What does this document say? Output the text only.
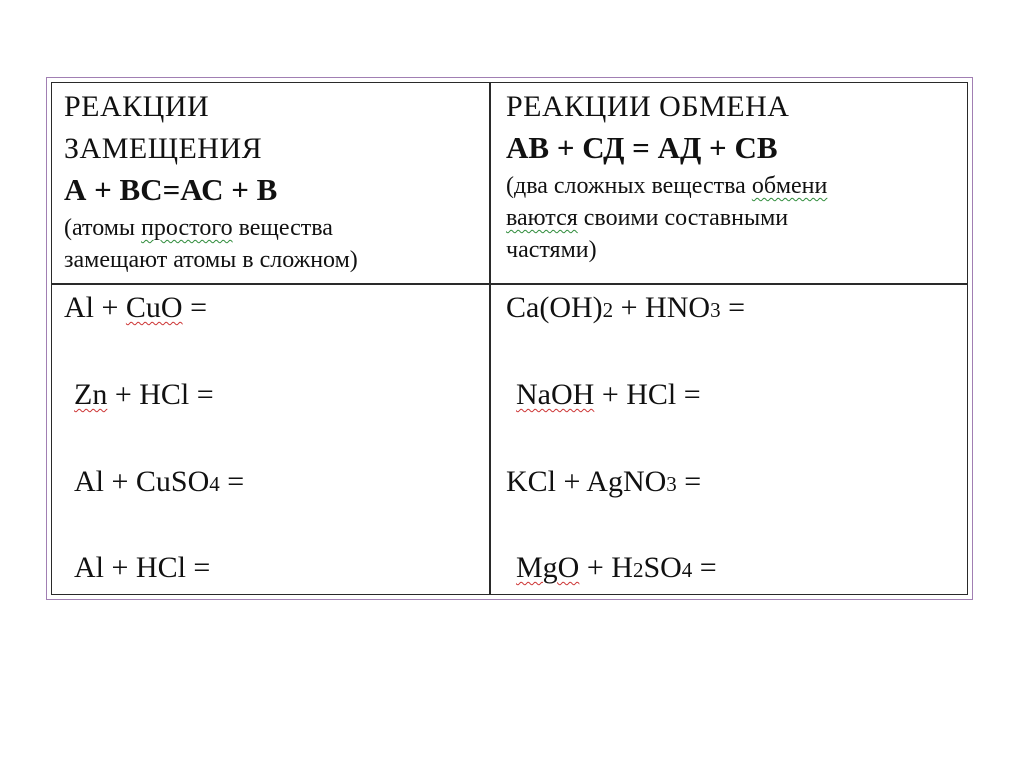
РЕАКЦИИ
ЗАМЕЩЕНИЯ
А + ВС=АС + В
(атомы простого вещества
замещают атомы в сложном)
РЕАКЦИИ ОБМЕНА
АВ + СД = АД + СВ
(два сложных вещества обмени
ваются своими составными
частями)
Al + CuO =
Zn + HCl =
Al + CuSO4 =
Al + HCl =
Ca(OH)2 + HNO3 =
NaOH + HCl =
KCl + AgNO3 =
MgO + H2SO4 =
